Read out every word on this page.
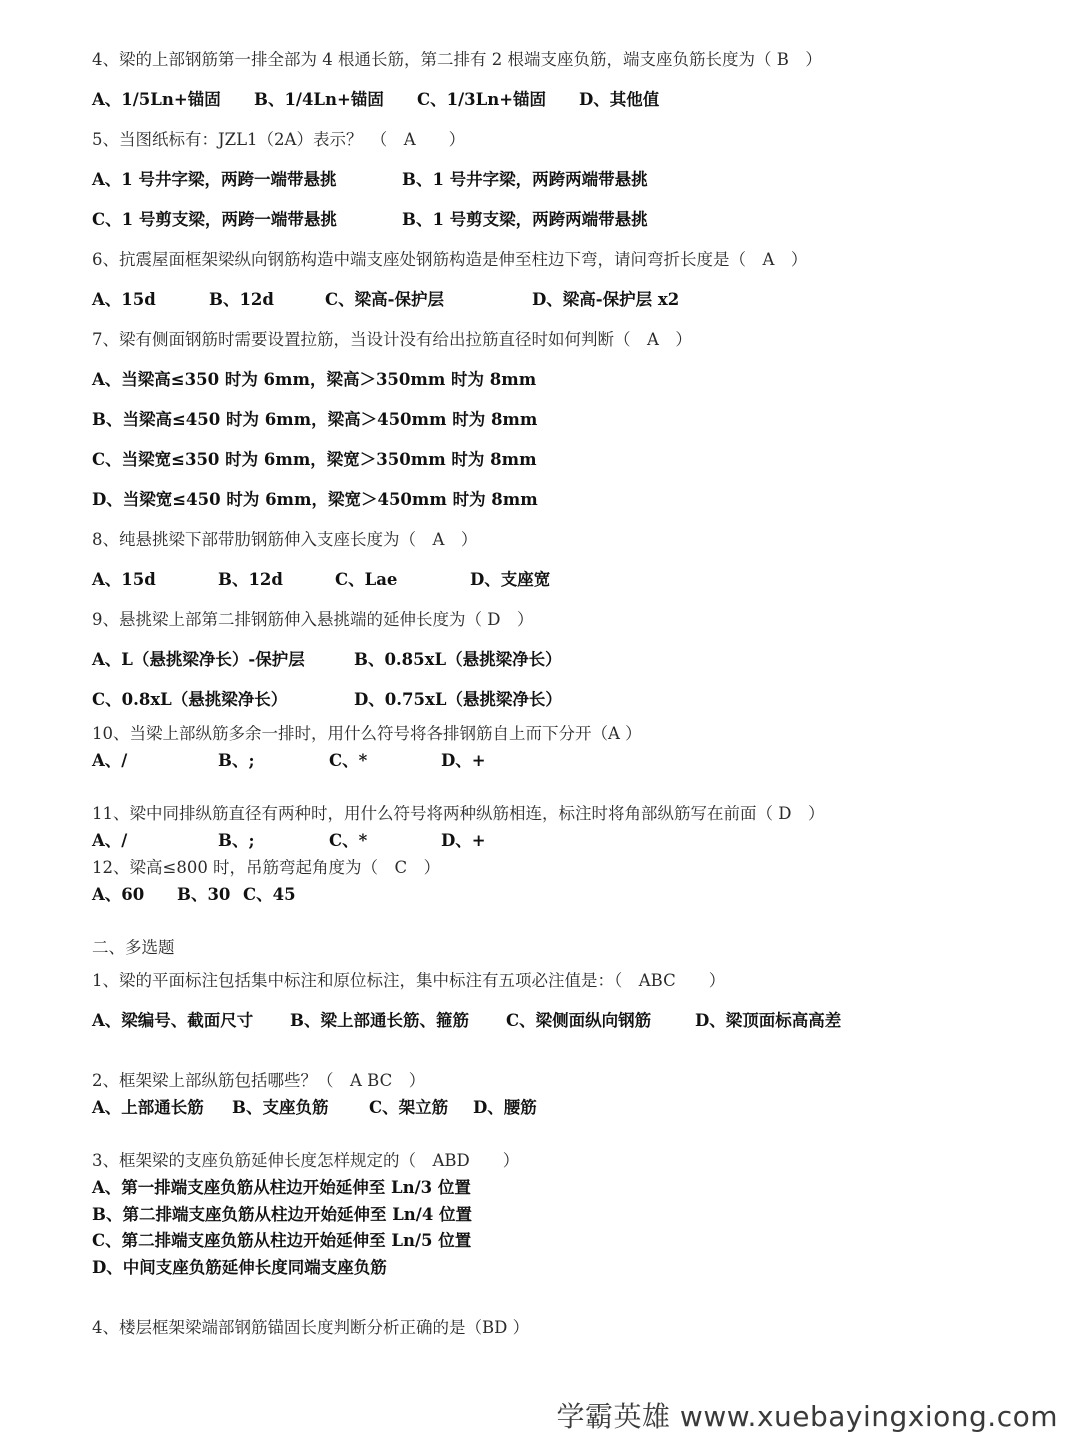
4、梁的上部钢筋第一排全部为 4 根通长筋，第二排有 2 根端支座负筋，端支座负筋长度为（ B　）
A、1/5Ln+锚固 B、1/4Ln+锚固 C、1/3Ln+锚固 D、其他值
5、当图纸标有：JZL1（2A）表示？　（　A　　）
A、1 号井字梁，两跨一端带悬挑	B、1 号井字梁，两跨两端带悬挑
C、1 号剪支梁，两跨一端带悬挑	B、1 号剪支梁，两跨两端带悬挑
6、抗震屋面框架梁纵向钢筋构造中端支座处钢筋构造是伸至柱边下弯，请问弯折长度是（　A　）
A、15d	B、12d	C、梁高-保护层	D、梁高-保护层 x2
7、梁有侧面钢筋时需要设置拉筋，当设计没有给出拉筋直径时如何判断（　A　）
A、当梁高≤350 时为 6mm，梁高＞350mm 时为 8mm
B、当梁高≤450 时为 6mm，梁高＞450mm 时为 8mm
C、当梁宽≤350 时为 6mm，梁宽＞350mm 时为 8mm
D、当梁宽≤450 时为 6mm，梁宽＞450mm 时为 8mm
8、纯悬挑梁下部带肋钢筋伸入支座长度为（　A　）
A、15d	B、12d	C、Lae	D、支座宽
9、悬挑梁上部第二排钢筋伸入悬挑端的延伸长度为（ D　）
A、L（悬挑梁净长）-保护层	B、0.85xL（悬挑梁净长）
C、0.8xL（悬挑梁净长）	D、0.75xL（悬挑梁净长）
10、当梁上部纵筋多余一排时，用什么符号将各排钢筋自上而下分开（A ）
A、/	B、;	C、*	D、+
11、梁中同排纵筋直径有两种时，用什么符号将两种纵筋相连，标注时将角部纵筋写在前面（ D　）
A、/	B、;	C、*	D、+
12、梁高≤800 时，吊筋弯起角度为（　C　）
A、60 B、30 C、45
二、多选题
1、梁的平面标注包括集中标注和原位标注，集中标注有五项必注值是：（　ABC　　）
A、梁编号、截面尺寸 B、梁上部通长筋、箍筋 C、梁侧面纵向钢筋	D、梁顶面标高高差
2、框架梁上部纵筋包括哪些？（　A BC　）
A、上部通长筋 B、支座负筋 C、架立筋 D、腰筋
3、框架梁的支座负筋延伸长度怎样规定的（　ABD　　）
A、第一排端支座负筋从柱边开始延伸至 Ln/3 位置
B、第二排端支座负筋从柱边开始延伸至 Ln/4 位置
C、第二排端支座负筋从柱边开始延伸至 Ln/5 位置
D、中间支座负筋延伸长度同端支座负筋
4、楼层框架梁端部钢筋锚固长度判断分析正确的是（BD ）
学霸英雄 www.xuebayingxiong.com
